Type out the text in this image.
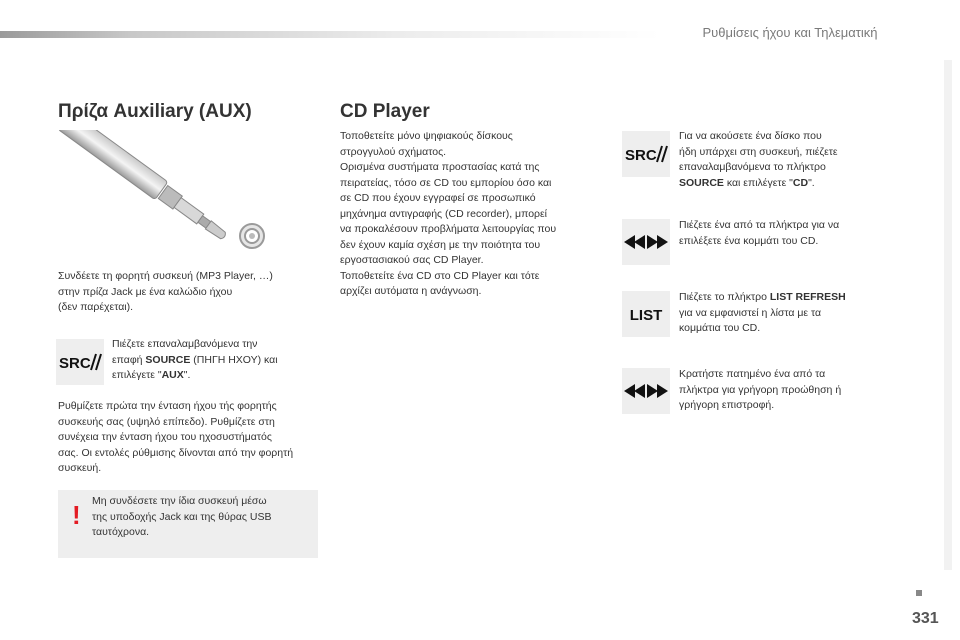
Ρυθμίσεις ήχου και Τηλεματική
Πρίζα Auxiliary (AUX)
Συνδέετε τη φορητή συσκευή (MP3 Player, …)
στην πρίζα Jack με ένα καλώδιο ήχου
(δεν παρέχεται).
SRC
Πιέζετε επαναλαμβανόμενα την
επαφή SOURCE (ΠΗΓΗ ΗΧΟΥ) και
επιλέγετε "AUX".
Ρυθμίζετε πρώτα την ένταση ήχου τής φορητής
συσκευής σας (υψηλό επίπεδο). Ρυθμίζετε στη
συνέχεια την ένταση ήχου του ηχοσυστήματός
σας. Οι εντολές ρύθμισης δίνονται από την φορητή
συσκευή.
! Μη συνδέσετε την ίδια συσκευή μέσω
της υποδοχής Jack και της θύρας USB
ταυτόχρονα.
CD Player
Τοποθετείτε μόνο ψηφιακούς δίσκους
στρογγυλού σχήματος.
Ορισμένα συστήματα προστασίας κατά της
πειρατείας, τόσο σε CD του εμπορίου όσο και
σε CD που έχουν εγγραφεί σε προσωπικό
μηχάνημα αντιγραφής (CD recorder), μπορεί
να προκαλέσουν προβλήματα λειτουργίας που
δεν έχουν καμία σχέση με την ποιότητα του
εργοστασιακού σας CD Player.
Τοποθετείτε ένα CD στο CD Player και τότε
αρχίζει αυτόματα η ανάγνωση.
SRC
Για να ακούσετε ένα δίσκο που
ήδη υπάρχει στη συσκευή, πιέζετε
επαναλαμβανόμενα το πλήκτρο
SOURCE και επιλέγετε "CD".
Πιέζετε ένα από τα πλήκτρα για να
επιλέξετε ένα κομμάτι του CD.
LIST
Πιέζετε το πλήκτρο LIST REFRESH
για να εμφανιστεί η λίστα με τα
κομμάτια του CD.
Κρατήστε πατημένο ένα από τα
πλήκτρα για γρήγορη προώθηση ή
γρήγορη επιστροφή.
331
